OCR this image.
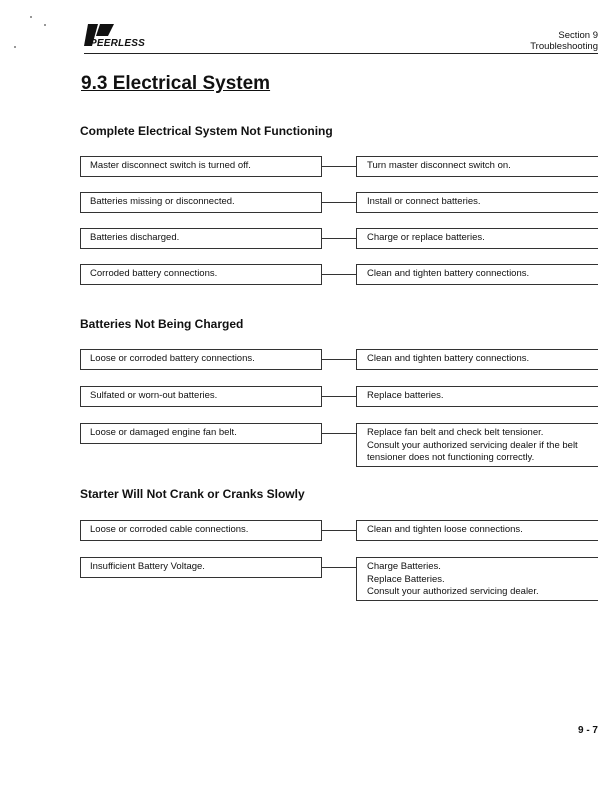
PEERLESS
Section 9
Troubleshooting
9.3 Electrical System
Complete Electrical System Not Functioning
Master disconnect switch is turned off.	Turn master disconnect switch on.
Batteries missing or disconnected.	Install or connect batteries.
Batteries discharged.	Charge or replace batteries.
Corroded battery connections.	Clean and tighten battery connections.
Batteries Not Being Charged
Loose or corroded battery connections.	Clean and tighten battery connections.
Sulfated or worn-out batteries.	Replace batteries.
Loose or damaged engine fan belt.	Replace fan belt and check belt tensioner.
Consult your authorized servicing dealer if the belt
tensioner does not functioning correctly.
Starter Will Not Crank or Cranks Slowly
Loose or corroded cable connections.	Clean and tighten loose connections.
Insufficient Battery Voltage.	Charge Batteries.
Replace Batteries.
Consult your authorized servicing dealer.
9 - 7
